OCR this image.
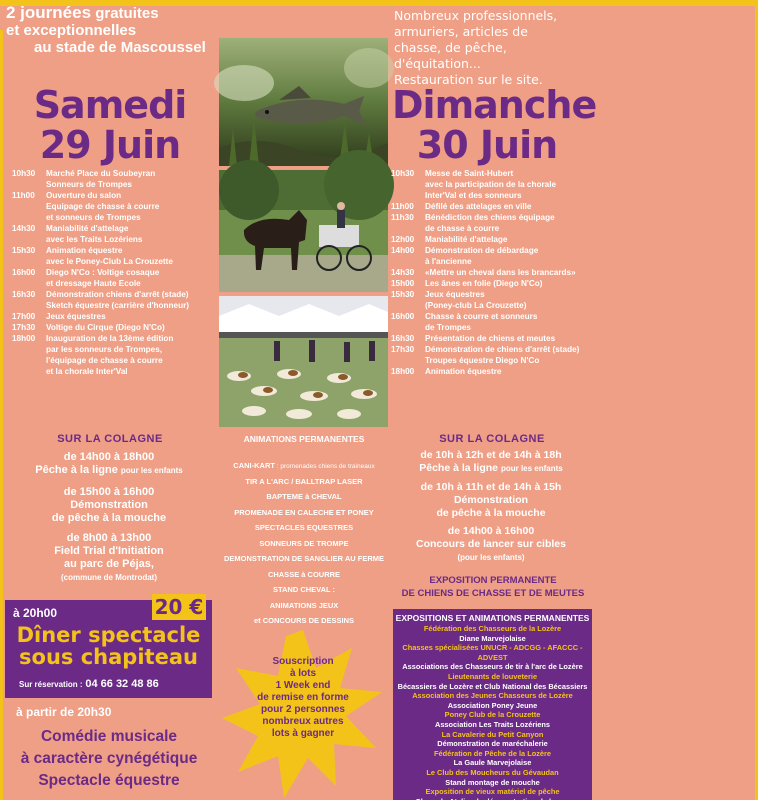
2 journées gratuites
et exceptionnelles
au stade de Mascoussel
Nombreux professionnels, armuriers, articles de chasse, de pêche, d'équitation... Restauration sur le site.
Samedi
29 Juin
10h30	Marché Place du Soubeyran
Sonneurs de Trompes
11h00	Ouverture du salon
Equipage de chasse à courre
et sonneurs de Trompes
14h30	Maniabilité d'attelage
avec les Traits Lozériens
15h30	Animation équestre
avec le Poney-Club La Crouzette
16h00	Diego N'Co : Voltige cosaque
et dressage Haute Ecole
16h30	Démonstration chiens d'arrêt (stade)
Sketch équestre (carrière d'honneur)
17h00	Jeux équestres
17h30	Voltige du Cirque (Diego N'Co)
18h00	Inauguration de la 13ème édition
par les sonneurs de Trompes,
l'équipage de chasse à courre
et la chorale Inter'Val
SUR LA COLAGNE
de 14h00 à 18h00
Pêche à la ligne pour les enfants
de 15h00 à 16h00
Démonstration
de pêche à la mouche
de 8h00 à 13h00
Field Trial d'Initiation
au parc de Péjas,
(commune de Montrodat)
à 20h00
Dîner spectacle
sous chapiteau
Sur réservation : 04 66 32 48 86
20 €
à partir de 20h30
Comédie musicale
à caractère cynégétique
Spectacle équestre
ANIMATIONS PERMANENTES
CANI-KART : promenades chiens de traineaux
TIR A L'ARC / BALLTRAP LASER
BAPTEME à CHEVAL
PROMENADE EN CALECHE ET PONEY
SPECTACLES EQUESTRES
SONNEURS DE TROMPE
DEMONSTRATION DE SANGLIER AU FERME
CHASSE à COURRE
STAND CHEVAL :
ANIMATIONS JEUX
et CONCOURS DE DESSINS
Souscription
à lots
1 Week end
de remise en forme
pour 2 personnes
nombreux autres
lots à gagner
Dimanche
30 Juin
10h30	Messe de Saint-Hubert
avec la participation de la chorale
Inter'Val et des sonneurs
11h00	Défilé des attelages en ville
11h30	Bénédiction des chiens équipage
de chasse à courre
12h00	Maniabilité d'attelage
14h00	Démonstration de débardage
à l'ancienne
14h30	«Mettre un cheval dans les brancards»
15h00	Les ânes en folie (Diego N'Co)
15h30	Jeux équestres
(Poney-club La Crouzette)
16h00	Chasse à courre et sonneurs
de Trompes
16h30	Présentation de chiens et meutes
17h30	Démonstration de chiens d'arrêt (stade)
Troupes équestre Diego N'Co
18h00	Animation équestre
SUR LA COLAGNE
de 10h à 12h et de 14h à 18h
Pêche à la ligne pour les enfants
de 10h à 11h et de 14h à 15h
Démonstration
de pêche à la mouche
de 14h00 à 16h00
Concours de lancer sur cibles
(pour les enfants)
EXPOSITION PERMANENTE
DE CHIENS DE CHASSE ET DE MEUTES
EXPOSITIONS ET ANIMATIONS PERMANENTES
Fédération des Chasseurs de la Lozère
Diane Marvejolaise
Chasses spécialisées UNUCR - ADCGG - AFACCC - ADVEST
Associations des Chasseurs de tir à l'arc de Lozère
Lieutenants de louveterie
Bécassiers de Lozère et Club National des Bécassiers
Association des Jeunes Chasseurs de Lozère
Association Poney Jeune
Poney Club de la Crouzette
Association Les Traits Lozériens
La Cavalerie du Petit Canyon
Démonstration de maréchalerie
Fédération de Pêche de la Lozère
La Gaule Marvejolaise
Le Club des Moucheurs du Gévaudan
Stand montage de mouche
Exposition de vieux matériel de pêche
Charpal : Atelier de démonstration de leurre
